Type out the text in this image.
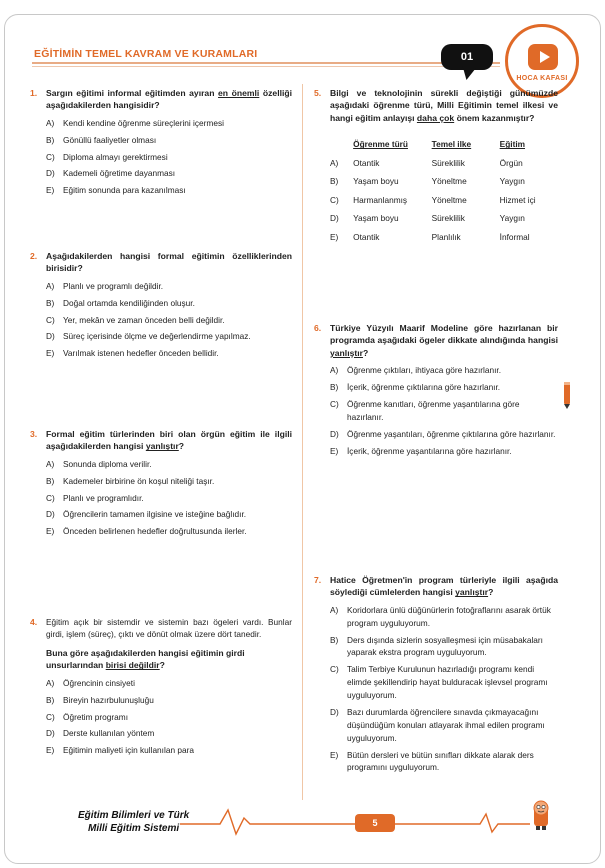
EĞİTİMİN TEMEL KAVRAM VE KURAMLARI	01
HOCA KAFASI
1.	Sargın eğitimi informal eğitimden ayıran en önemli özelliği aşağıdakilerden hangisidir?
A)	Kendi kendine öğrenme süreçlerini içermesi
B)	Gönüllü faaliyetler olması
C) Diploma almayı gerektirmesi
D) Kademeli öğretime dayanması
E)	Eğitim sonunda para kazanılması
2.	Aşağıdakilerden hangisi formal eğitimin özelliklerinden birisidir?
A)	Planlı ve programlı değildir.
B)	Doğal ortamda kendiliğinden oluşur.
C) Yer, mekân ve zaman önceden belli değildir.
D) Süreç içerisinde ölçme ve değerlendirme yapılmaz.
E)	Varılmak istenen hedefler önceden bellidir.
3.	Formal eğitim türlerinden biri olan örgün eğitim ile ilgili aşağıdakilerden hangisi yanlıştır?
A)	Sonunda diploma verilir.
B)	Kademeler birbirine ön koşul niteliği taşır.
C) Planlı ve programlıdır.
D) Öğrencilerin tamamen ilgisine ve isteğine bağlıdır.
E)	Önceden belirlenen hedefler doğrultusunda ilerler.
4.	Eğitim açık bir sistemdir ve sistemin bazı ögeleri vardı. Bunlar girdi, işlem (süreç), çıktı ve dönüt olmak üzere dört tanedir.
Buna göre aşağıdakilerden hangisi eğitimin girdi unsurlarından birisi değildir?
A)	Öğrencinin cinsiyeti
B)	Bireyin hazırbulunuşluğu
C) Öğretim programı
D) Derste kullanılan yöntem
E)	Eğitimin maliyeti için kullanılan para
5.	Bilgi ve teknolojinin sürekli değiştiği günümüzde aşağıdaki öğrenme türü, Milli Eğitimin temel ilkesi ve hangi eğitim anlayışı daha çok önem kazanmıştır?
	Öğrenme türü	Temel ilke	Eğitim
A)	Otantik	Süreklilik	Örgün
B)	Yaşam boyu	Yöneltme	Yaygın
C)	Harmanlanmış	Yöneltme	Hizmet içi
D)	Yaşam boyu	Süreklilik	Yaygın
E)	Otantik	Planlılık	İnformal
6.	Türkiye Yüzyılı Maarif Modeline göre hazırlanan bir programda aşağıdaki ögeler dikkate alındığında hangisi yanlıştır?
A)	Öğrenme çıktıları, ihtiyaca göre hazırlanır.
B)	İçerik, öğrenme çıktılarına göre hazırlanır.
C) Öğrenme kanıtları, öğrenme yaşantılarına göre hazırlanır.
D) Öğrenme yaşantıları, öğrenme çıktılarına göre hazırlanır.
E)	İçerik, öğrenme yaşantılarına göre hazırlanır.
7.	Hatice Öğretmen'in program türleriyle ilgili aşağıda söylediği cümlelerden hangisi yanlıştır?
A)	Koridorlara ünlü düğünürlerin fotoğraflarını asarak örtük program uyguluyorum.
B)	Ders dışında sizlerin sosyalleşmesi için müsabakaları yaparak ekstra program uyguluyorum.
C) Talim Terbiye Kurulunun hazırladığı programı kendi elimde şekillendirip hayat bulduracak işlevsel programı uyguluyorum.
D) Bazı durumlarda öğrencilere sınavda çıkmayacağını düşündüğüm konuları atlayarak ihmal edilen programı uyguluyorum.
E)	Bütün dersleri ve bütün sınıfları dikkate alarak ders programını uyguluyorum.
Eğitim Bilimleri ve Türk
Milli Eğitim Sistemi	5
